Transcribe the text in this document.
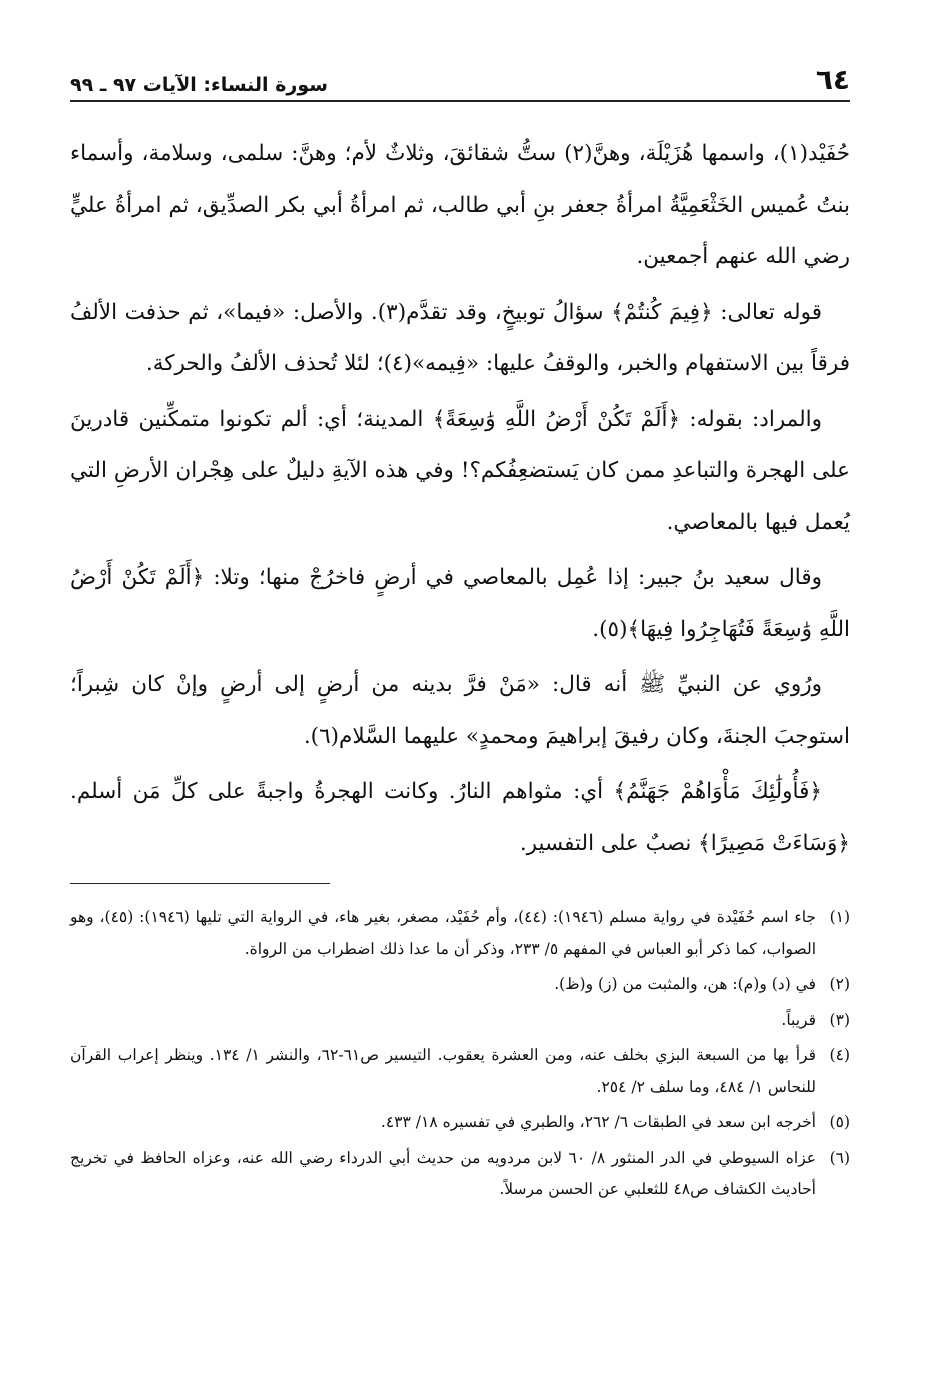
٦٤
سورة النساء: الآيات ٩٧ ـ ٩٩

حُفَيْد(١)، واسمها هُزَيْلَة، وهنَّ(٢) ستُّ شقائقَ، وثلاثٌ لأم؛ وهنَّ: سلمى، وسلامة، وأسماء بنتُ عُميس الخَثْعَمِيَّةُ امرأةُ جعفر بنِ أبي طالب، ثم امرأةُ أبي بكر الصدِّيق، ثم امرأةُ عليٍّ رضي الله عنهم أجمعين.

قوله تعالى: ﴿فِيمَ كُنتُمْ﴾ سؤالُ توبيخٍ، وقد تقدَّم(٣). والأصل: «فيما»، ثم حذفت الألفُ فرقاً بين الاستفهام والخبر، والوقفُ عليها: «فِيمه»(٤)؛ لئلا تُحذف الألفُ والحركة.

والمراد: بقوله: ﴿أَلَمْ تَكُنْ أَرْضُ اللَّهِ وَٰسِعَةً﴾ المدينة؛ أي: ألم تكونوا متمكِّنين قادرينَ على الهجرة والتباعدِ ممن كان يَستضعِفُكم؟! وفي هذه الآيةِ دليلٌ على هِجْران الأرضِ التي يُعمل فيها بالمعاصي.

وقال سعيد بنُ جبير: إذا عُمِل بالمعاصي في أرضٍ فاخرُجْ منها؛ وتلا: ﴿أَلَمْ تَكُنْ أَرْضُ اللَّهِ وَٰسِعَةً فَتُهَاجِرُوا فِيهَا﴾(٥).

ورُوي عن النبيِّ ﷺ أنه قال: «مَنْ فرَّ بدينه من أرضٍ إلى أرضٍ وإنْ كان شِبراً؛ استوجبَ الجنةَ، وكان رفيقَ إبراهيمَ ومحمدٍ» عليهما السَّلام(٦).

﴿فَأُولَٰئِكَ مَأْوَاهُمْ جَهَنَّمُ﴾ أي: مثواهم النارُ. وكانت الهجرةُ واجبةً على كلِّ مَن أسلم. ﴿وَسَاءَتْ مَصِيرًا﴾ نصبٌ على التفسير.

(١)جاء اسم حُفَيْدة في رواية مسلم (١٩٤٦): (٤٤)، وأم حُفَيْد، مصغر، بغير هاء، في الرواية التي تليها (١٩٤٦): (٤٥)، وهو الصواب، كما ذكر أبو العباس في المفهم ٥/ ٢٣٣، وذكر أن ما عدا ذلك اضطراب من الرواة.

(٢)في (د) و(م): هن، والمثبت من (ز) و(ظ).

(٣)قريباً.

(٤)قرأ بها من السبعة البزي بخلف عنه، ومن العشرة يعقوب. التيسير ص٦١-٦٢، والنشر ١/ ١٣٤. وينظر إعراب القرآن للنحاس ١/ ٤٨٤، وما سلف ٢/ ٢٥٤.

(٥)أخرجه ابن سعد في الطبقات ٦/ ٢٦٢، والطبري في تفسيره ١٨/ ٤٣٣.

(٦)عزاه السيوطي في الدر المنثور ٨/ ٦٠ لابن مردويه من حديث أبي الدرداء رضي الله عنه، وعزاه الحافظ في تخريج أحاديث الكشاف ص٤٨ للثعلبي عن الحسن مرسلاً.
